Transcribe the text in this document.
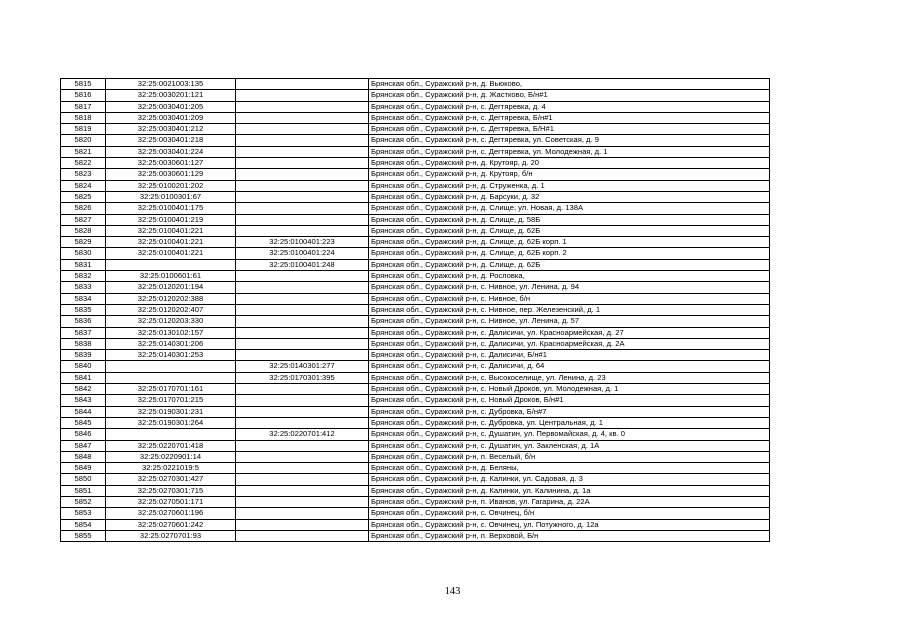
5815	32:25:0021003:135		Брянская обл., Суражский р-н, д. Вьюково,
5816	32:25:0030201:121		Брянская обл., Суражский р-н, д. Жастково, Б/н#1
5817	32:25:0030401:205		Брянская обл., Суражский р-н, с. Дегтяревка, д. 4
5818	32:25:0030401:209		Брянская обл., Суражский р-н, с. Дегтяревка, Б/н#1
5819	32:25:0030401:212		Брянская обл., Суражский р-н, с. Дегтяревка, Б/Н#1
5820	32:25:0030401:218		Брянская обл., Суражский р-н, с. Дегтяревка, ул. Советская, д. 9
5821	32:25:0030401:224		Брянская обл., Суражский р-н, с. Дегтяревка, ул. Молодежная, д. 1
5822	32:25:0030601:127		Брянская обл., Суражский р-н, д. Крутояр, д. 20
5823	32:25:0030601:129		Брянская обл., Суражский р-н, д. Крутояр, б/н
5824	32:25:0100201:202		Брянская обл., Суражский р-н, д. Струженка, д. 1
5825	32:25:0100301:67		Брянская обл., Суражский р-н, д. Барсуки, д. 32
5826	32:25:0100401:175		Брянская обл., Суражский р-н, д. Слище, ул. Новая, д. 138А
5827	32:25:0100401:219		Брянская обл., Суражский р-н, д. Слище, д. 58Б
5828	32:25:0100401:221		Брянская обл., Суражский р-н, д. Слище, д. 62Б
5829	32:25:0100401:221	32:25:0100401:223	Брянская обл., Суражский р-н, д. Слище, д. 62Б корп. 1
5830	32:25:0100401:221	32:25:0100401:224	Брянская обл., Суражский р-н, д. Слище, д. 62Б корп. 2
5831		32:25:0100401:248	Брянская обл., Суражский р-н, д. Слище, д. 62Б
5832	32:25:0100601:61		Брянская обл., Суражский р-н, д. Рословка,
5833	32:25:0120201:194		Брянская обл., Суражский р-н, с. Нивное, ул. Ленина, д. 94
5834	32:25:0120202:388		Брянская обл., Суражский р-н, с. Нивное, б/н
5835	32:25:0120202:407		Брянская обл., Суражский р-н, с. Нивное, пер. Железенский, д. 1
5836	32:25:0120203:330		Брянская обл., Суражский р-н, с. Нивное, ул. Ленина, д. 57
5837	32:25:0130102:157		Брянская обл., Суражский р-н, с. Далисичи, ул. Красноармейская, д. 27
5838	32:25:0140301:206		Брянская обл., Суражский р-н, с. Далисичи, ул. Красноармейская, д. 2А
5839	32:25:0140301:253		Брянская обл., Суражский р-н, с. Далисичи, Б/н#1
5840		32:25:0140301:277	Брянская обл., Суражский р-н, с. Далисичи, д. 64
5841		32:25:0170301:395	Брянская обл., Суражский р-н, с. Высокоселище, ул. Ленина, д. 23
5842	32:25:0170701:161		Брянская обл., Суражский р-н, с. Новый Дроков, ул. Молодежная, д. 1
5843	32:25:0170701:215		Брянская обл., Суражский р-н, с. Новый Дроков, Б/н#1
5844	32:25:0190301:231		Брянская обл., Суражский р-н, с. Дубровка, Б/н#7
5845	32:25:0190301:264		Брянская обл., Суражский р-н, с. Дубровка, ул. Центральная, д. 1
5846		32:25:0220701:412	Брянская обл., Суражский р-н, с. Душатин, ул. Первомайская, д. 4, кв. 0
5847	32:25:0220701:418		Брянская обл., Суражский р-н, с. Душатин, ул. Закленская, д. 1А
5848	32:25:0220901:14		Брянская обл., Суражский р-н, п. Веселый, б/н
5849	32:25:0221019:5		Брянская обл., Суражский р-н, д. Беляны,
5850	32:25:0270301:427		Брянская обл., Суражский р-н, д. Калинки, ул. Садовая, д. 3
5851	32:25:0270301:715		Брянская обл., Суражский р-н, д. Калинки, ул. Калинина, д. 1а
5852	32:25:0270501:171		Брянская обл., Суражский р-н, п. Иванов, ул. Гагарина, д. 22А
5853	32:25:0270601:196		Брянская обл., Суражский р-н, с. Овчинец, б/н
5854	32:25:0270601:242		Брянская обл., Суражский р-н, с. Овчинец, ул. Потужного, д. 12а
5855	32:25:0270701:93		Брянская обл., Суражский р-н, п. Верховой, Б/н
143
